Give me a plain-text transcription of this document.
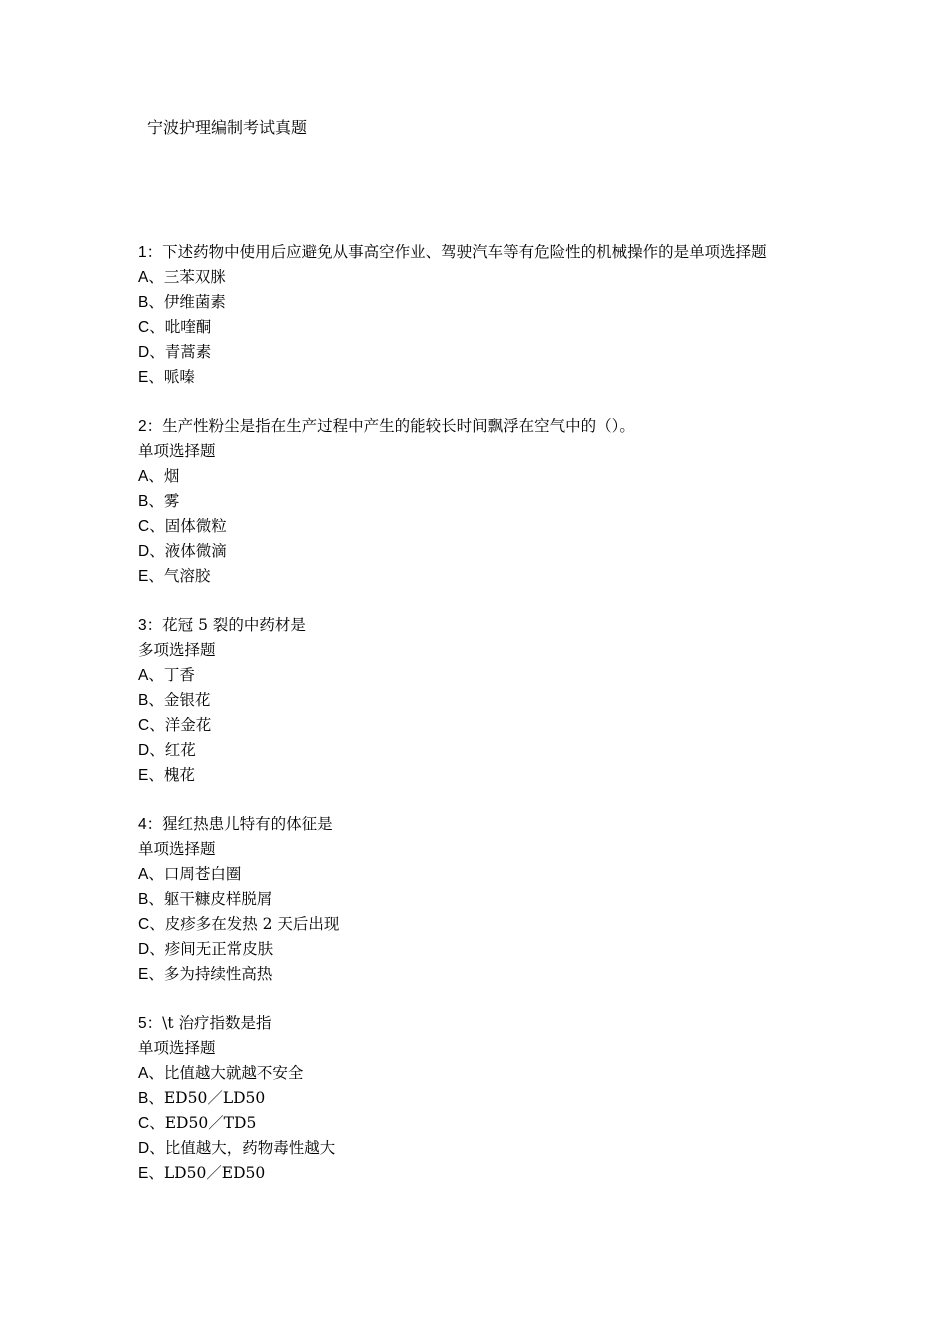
宁波护理编制考试真题
1：下述药物中使用后应避免从事高空作业、驾驶汽车等有危险性的机械操作的是单项选择题
A、三苯双脒
B、伊维菌素
C、吡喹酮
D、青蒿素
E、哌嗪
2：生产性粉尘是指在生产过程中产生的能较长时间飘浮在空气中的（）。
单项选择题
A、烟
B、雾
C、固体微粒
D、液体微滴
E、气溶胶
3：花冠 5 裂的中药材是
多项选择题
A、丁香
B、金银花
C、洋金花
D、红花
E、槐花
4：猩红热患儿特有的体征是
单项选择题
A、口周苍白圈
B、躯干糠皮样脱屑
C、皮疹多在发热 2 天后出现
D、疹间无正常皮肤
E、多为持续性高热
5：\t 治疗指数是指
单项选择题
A、比值越大就越不安全
B、ED50／LD50
C、ED50／TD5
D、比值越大，药物毒性越大
E、LD50／ED50
